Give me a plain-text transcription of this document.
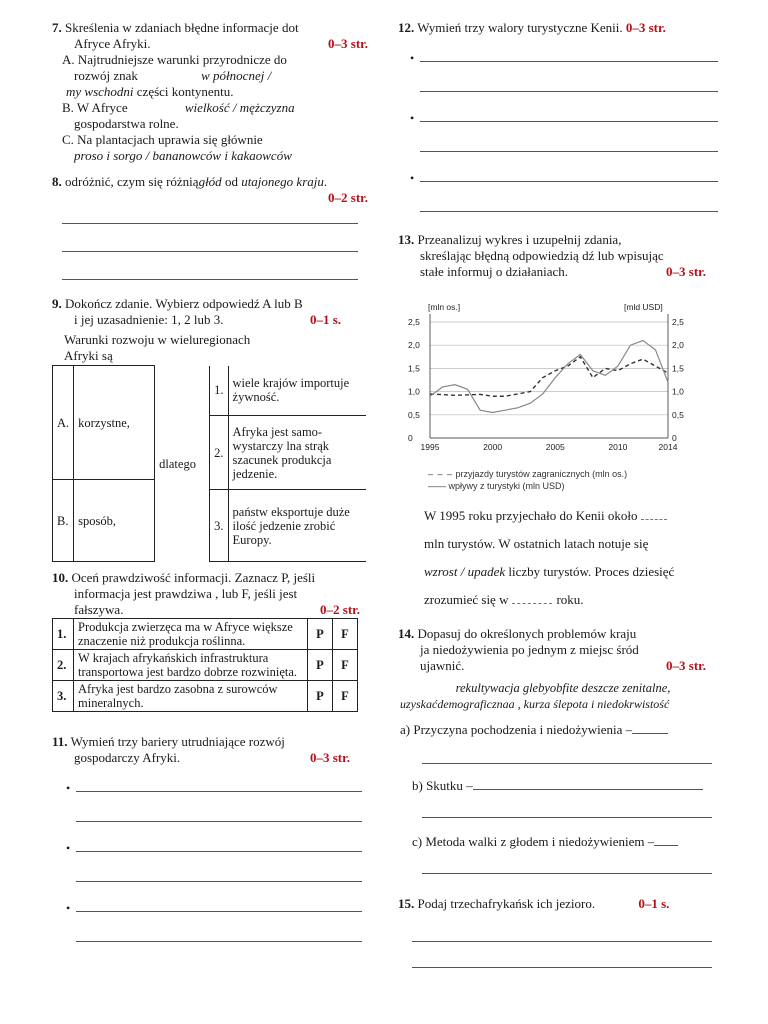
7. Skreślenia w zdaniach błędne informacje dot
Afryce Afryki.	0–3 str.
A. Najtrudniejsze warunki przyrodnicze do
rozwój znak	w północnej /
my wschodni części kontynentu.
B. W Afryce	wielkość / mężczyzna
gospodarstwa rolne.
C. Na plantacjach uprawia się głównie
proso i sorgo / bananowców i kakaowców
8. odróżnić, czym się różniągłód od utajonego kraju.
0–2 str.
9. Dokończ zdanie. Wybierz odpowiedź A lub B
i jej uzasadnienie: 1, 2 lub 3.	0–1 s.
Warunki rozwoju w wieluregionach
Afryki są
A.	korzystne,	dlatego	1.	wiele krajów importuje żywność.
			2.	Afryka jest samo-wystarczy lna strąk szacunek produkcja jedzenie.
B.	sposób,			
			3.	państw eksportuje duże ilość jedzenie zrobić Europy.
10. Oceń prawdziwość informacji. Zaznacz P, jeśli
informacja jest prawdziwa , lub F, jeśli jest
fałszywa.	0–2 str.
1.	Produkcja zwierzęca ma w Afryce większe znaczenie niż produkcja roślinna.	P	F
2.	W krajach afrykańskich infrastruktura transportowa jest bardzo dobrze rozwinięta.	P	F
3.	Afryka jest bardzo zasobna z surowców mineralnych.	P	F
11. Wymień trzy bariery utrudniające rozwój
gospodarczy Afryki.	0–3 str.
•
•
•
12. Wymień trzy walory turystyczne Kenii. 0–3 str.
•
•
•
13. Przeanalizuj wykres i uzupełnij zdania,
skreślając błędną odpowiedzią dź lub wpisując
stałe informuj o działaniach.	0–3 str.
0	0
0,5	0,5
1,0	1,0
1,5	1,5
2,0	2,0
2,5	2,5
1995	2000	2005	2010	2014
[mln os.]	[mld USD]
– – – przyjazdy turystów zagranicznych (mln os.)
—— wpływy z turystyki (mln USD)
W 1995 roku przyjechało do Kenii około
mln turystów. W ostatnich latach notuje się
wzrost / upadek liczby turystów. Proces dziesięć
zrozumieć się w	roku.
14. Dopasuj do określonych problemów kraju
ja niedożywienia po jednym z miejsc śród
ujawnić.	0–3 str.
rekultywacja glebyobfite deszcze zenitalne,
uzyskaćdemograficznaa , kurza ślepota i niedokrwistość
a) Przyczyna pochodzenia i niedożywienia –
b) Skutku –
c) Metoda walki z głodem i niedożywieniem –
15. Podaj trzechafrykańsk ich jezioro.	0–1 s.
